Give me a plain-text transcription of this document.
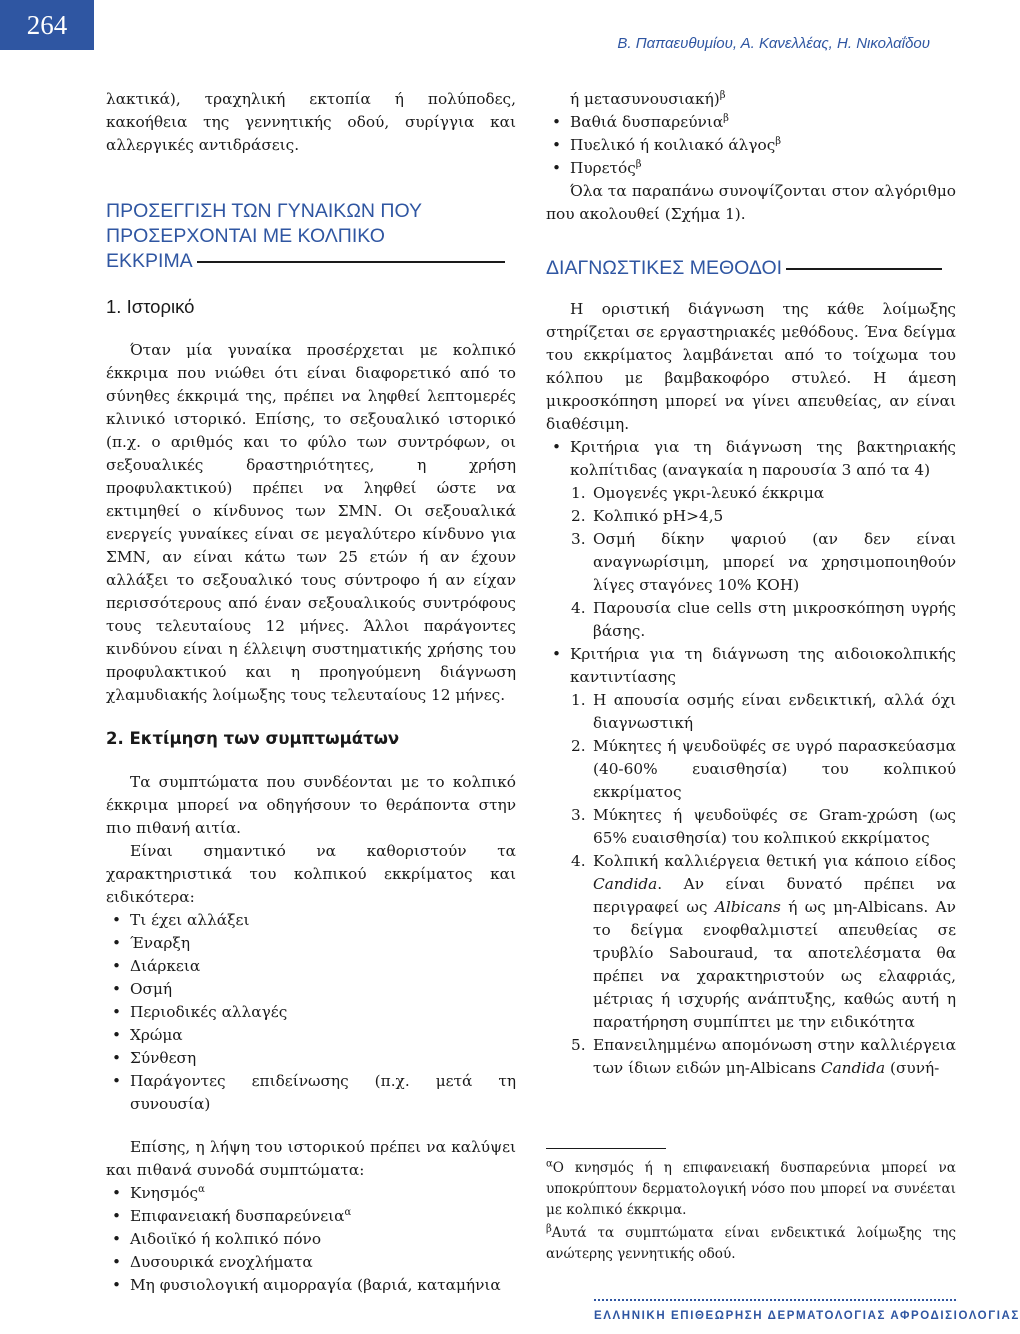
264
Β. Παπαευθυμίου, Α. Κανελλέας, Η. Νικολαΐδου

λακτικά), τραχηλική εκτοπία ή πολύποδες, κακοήθεια της γεννητικής οδού, συρίγγια και αλλεργικές αντιδράσεις.

ΠΡΟΣΕΓΓΙΣΗ ΤΩΝ ΓΥΝΑΙΚΩΝ ΠΟΥ
ΠΡΟΣΕΡΧΟΝΤΑΙ ΜΕ ΚΟΛΠΙΚΟ
ΕΚΚΡΙΜΑ
1. Ιστορικό

Όταν μία γυναίκα προσέρχεται με κολπικό έκκριμα που νιώθει ότι είναι διαφορετικό από το σύνηθες έκκριμά της, πρέπει να ληφθεί λεπτομερές κλινικό ιστορικό. Επίσης, το σεξουαλικό ιστορικό (π.χ. ο αριθμός και το φύλο των συντρόφων, οι σεξουαλικές δραστηριότητες, η χρήση προφυλακτικού) πρέπει να ληφθεί ώστε να εκτιμηθεί ο κίνδυνος των ΣΜΝ. Οι σεξουαλικά ενεργείς γυναίκες είναι σε μεγαλύτερο κίνδυνο για ΣΜΝ, αν είναι κάτω των 25 ετών ή αν έχουν αλλάξει το σεξουαλικό τους σύντροφο ή αν είχαν περισσότερους από έναν σεξουαλικούς συντρόφους τους τελευταίους 12 μήνες. Άλλοι παράγοντες κινδύνου είναι η έλλειψη συστηματικής χρήσης του προφυλακτικού και η προηγούμενη διάγνωση χλαμυδιακής λοίμωξης τους τελευταίους 12 μήνες.

2. Εκτίμηση των συμπτωμάτων

Τα συμπτώματα που συνδέονται με το κολπικό έκκριμα μπορεί να οδηγήσουν το θεράποντα στην πιο πιθανή αιτία.

Είναι σημαντικό να καθοριστούν τα χαρακτηριστικά του κολπικού εκκρίματος και ειδικότερα:

• Τι έχει αλλάξει
• Έναρξη
• Διάρκεια
• Οσμή
• Περιοδικές αλλαγές
• Χρώμα
• Σύνθεση
• Παράγοντες επιδείνωσης (π.χ. μετά τη συνουσία)

Επίσης, η λήψη του ιστορικού πρέπει να καλύψει και πιθανά συνοδά συμπτώματα:

• Κνησμός$^\alpha$
• Επιφανειακή δυσπαρεύνεια$^\alpha$
• Αιδοιϊκό ή κολπικό πόνο
• Δυσουρικά ενοχλήματα
• Μη φυσιολογική αιμορραγία (βαριά, καταμήνια

ή μετασυνουσιακή)$^\beta$

• Βαθιά δυσπαρεύνια$^\beta$
• Πυελικό ή κοιλιακό άλγος$^\beta$
• Πυρετός$^\beta$

Όλα τα παραπάνω συνοψίζονται στον αλγόριθμο που ακολουθεί (Σχήμα 1).

ΔΙΑΓΝΩΣΤΙΚΕΣ ΜΕΘΟΔΟΙ

Η οριστική διάγνωση της κάθε λοίμωξης στηρίζεται σε εργαστηριακές μεθόδους. Ένα δείγμα του εκκρίματος λαμβάνεται από το τοίχωμα του κόλπου με βαμβακοφόρο στυλεό. Η άμεση μικροσκόπηση μπορεί να γίνει απευθείας, αν είναι διαθέσιμη.

• Κριτήρια για τη διάγνωση της βακτηριακής κολπίτιδας (αναγκαία η παρουσία 3 από τα 4)
1. Ομογενές γκρι-λευκό έκκριμα
2. Κολπικό pH>4,5
3. Οσμή δίκην ψαριού (αν δεν είναι αναγνωρίσιμη, μπορεί να χρησιμοποιηθούν λίγες σταγόνες 10% KOH)
4. Παρουσία clue cells στη μικροσκόπηση υγρής βάσης.
• Κριτήρια για τη διάγνωση της αιδοιοκολπικής καντιντίασης
1. Η απουσία οσμής είναι ενδεικτική, αλλά όχι διαγνωστική
2. Μύκητες ή ψευδοϋφές σε υγρό παρασκεύασμα (40-60% ευαισθησία) του κολπικού εκκρίματος
3. Μύκητες ή ψευδοϋφές σε Gram-χρώση (ως 65% ευαισθησία) του κολπικού εκκρίματος
4. Κολπική καλλιέργεια θετική για κάποιο είδος Candida. Αν είναι δυνατό πρέπει να περιγραφεί ως Albicans ή ως μη-Albicans. Αν το δείγμα ενοφθαλμιστεί απευθείας σε τρυβλίο Sabouraud, τα αποτελέσματα θα πρέπει να χαρακτηριστούν ως ελαφριάς, μέτριας ή ισχυρής ανάπτυξης, καθώς αυτή η παρατήρηση συμπίπτει με την ειδικότητα
5. Επανειλημμένω απομόνωση στην καλλιέργεια των ίδιων ειδών μη-Albicans Candida (συνή-
$^\alpha$Ο κνησμός ή η επιφανειακή δυσπαρεύνια μπορεί να υποκρύπτουν δερματολογική νόσο που μπορεί να συνέεται με κολπικό έκκριμα.
$^\beta$Αυτά τα συμπτώματα είναι ενδεικτικά λοίμωξης της ανώτερης γεννητικής οδού.
ΕΛΛΗΝΙΚΗ ΕΠΙΘΕΩΡΗΣΗ ΔΕΡΜΑΤΟΛΟΓΙΑΣ ΑΦΡΟΔΙΣΙΟΛΟΓΙΑΣ
